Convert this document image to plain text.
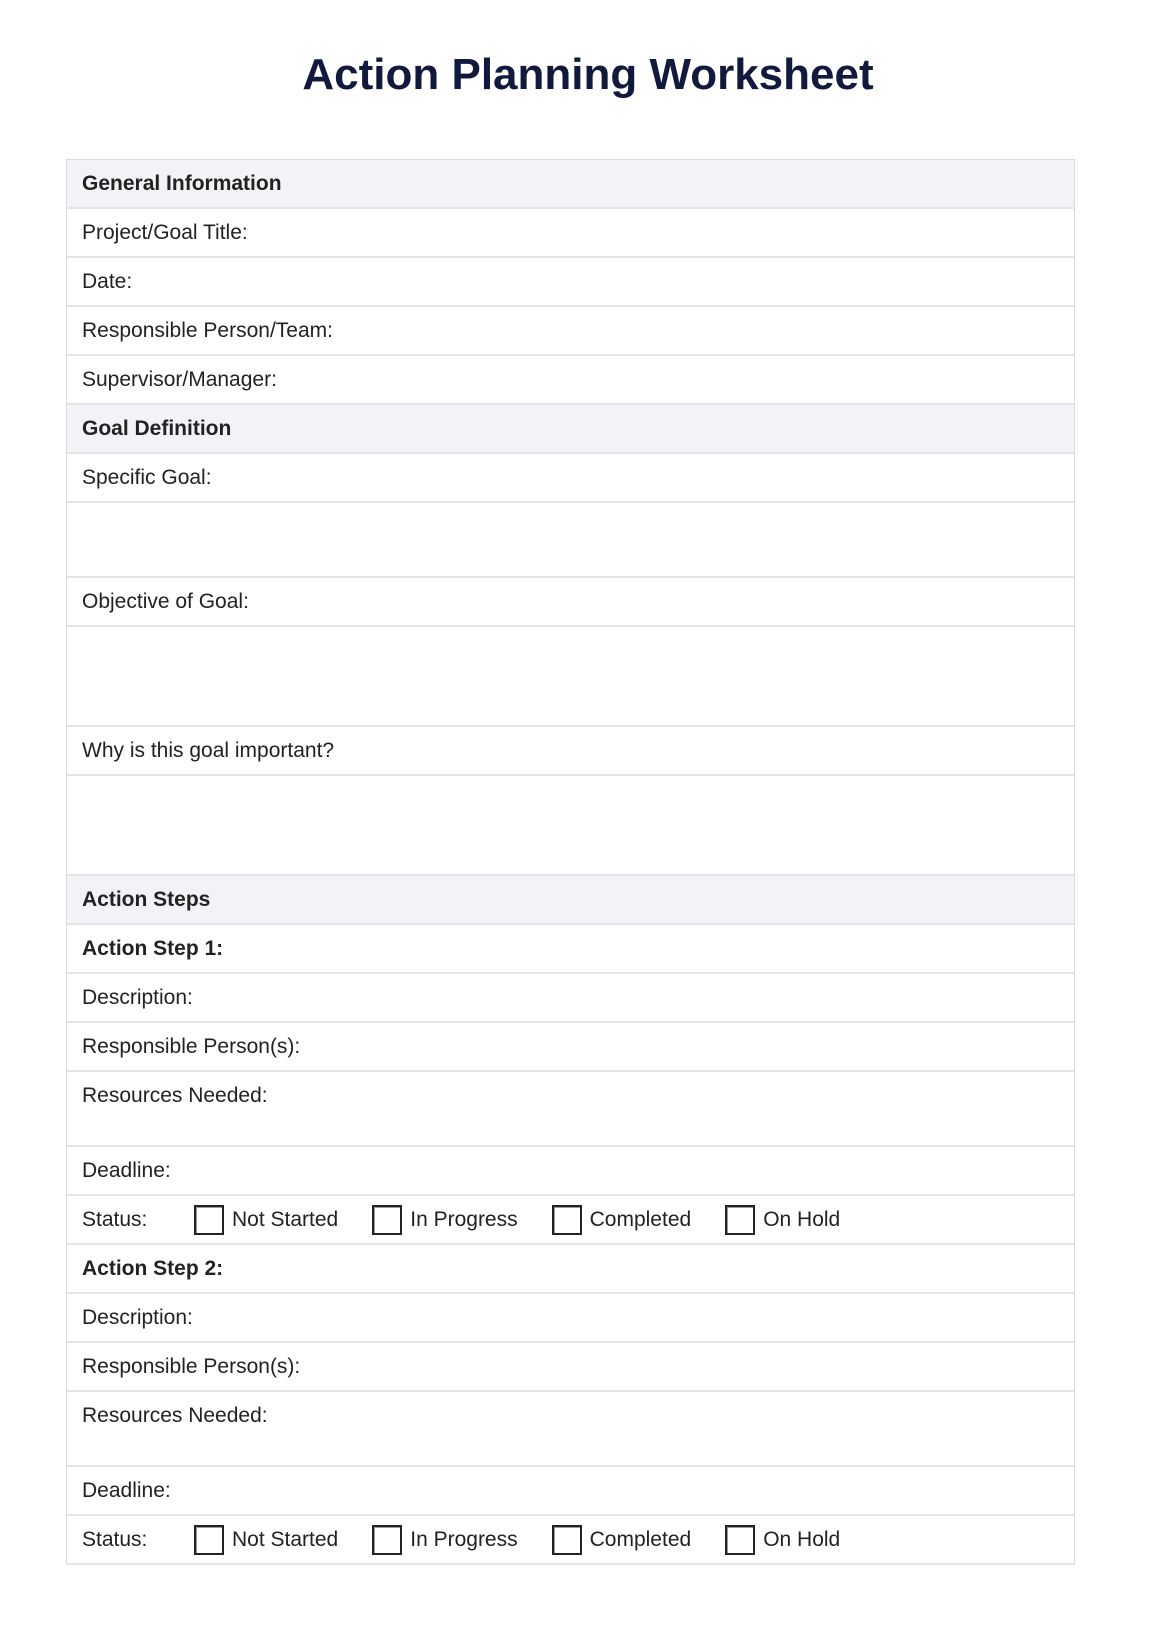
Action Planning Worksheet
General Information
Project/Goal Title:
Date:
Responsible Person/Team:
Supervisor/Manager:
Goal Definition
Specific Goal:
Objective of Goal:
Why is this goal important?
Action Steps
Action Step 1:
Description:
Responsible Person(s):
Resources Needed:
Deadline:
Status:	Not Started	In Progress	Completed	On Hold
Action Step 2:
Description:
Responsible Person(s):
Resources Needed:
Deadline:
Status:	Not Started	In Progress	Completed	On Hold
